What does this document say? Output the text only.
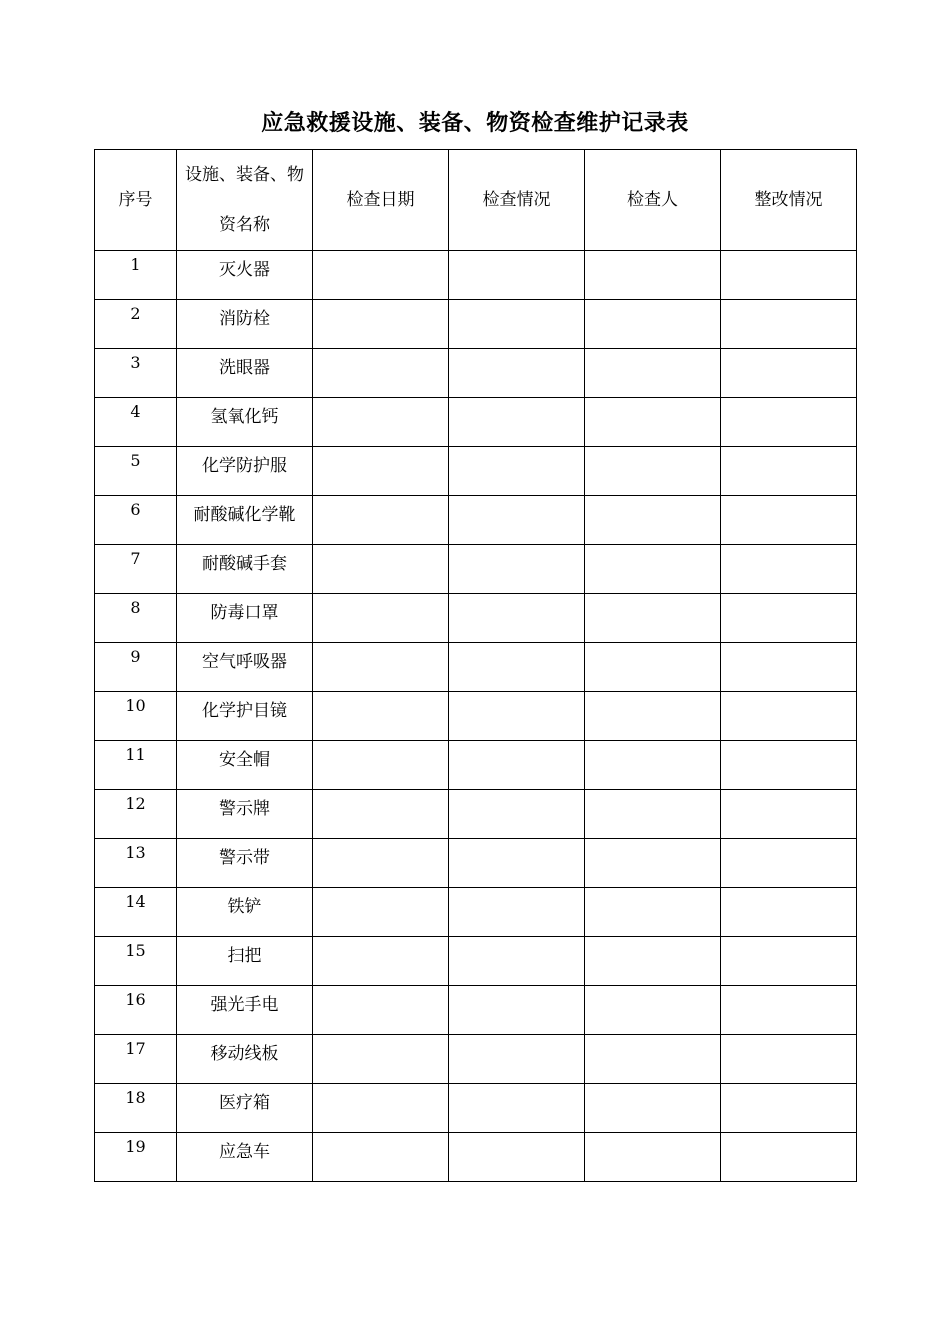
应急救援设施、装备、物资检查维护记录表
序号	设施、装备、物资名称	检查日期	检查情况	检查人	整改情况
1	灭火器				
2	消防栓				
3	洗眼器				
4	氢氧化钙				
5	化学防护服				
6	耐酸碱化学靴				
7	耐酸碱手套				
8	防毒口罩				
9	空气呼吸器				
10	化学护目镜				
11	安全帽				
12	警示牌				
13	警示带				
14	铁铲				
15	扫把				
16	强光手电				
17	移动线板				
18	医疗箱				
19	应急车				
